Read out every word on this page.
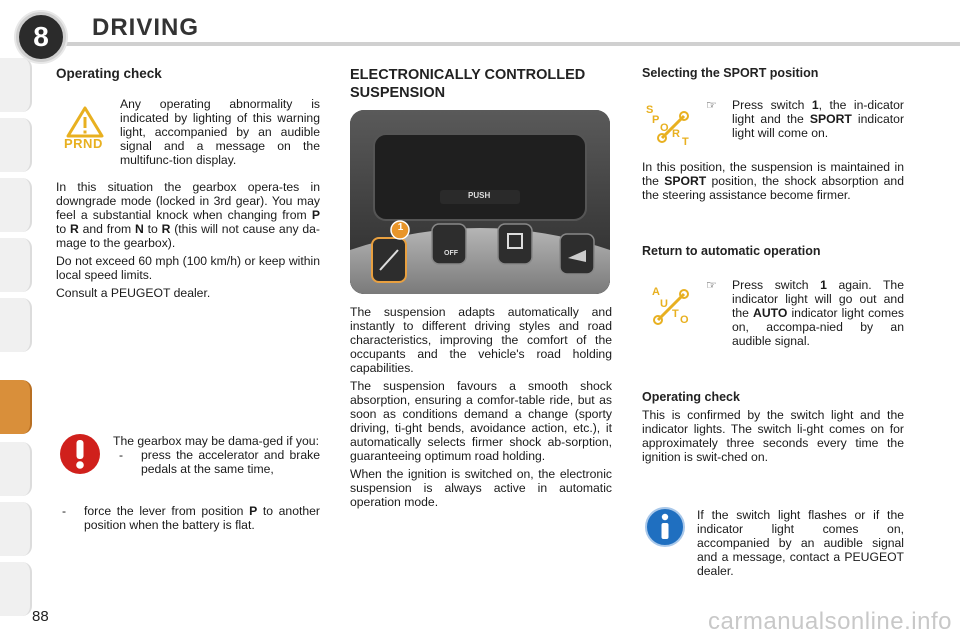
8	DRIVING
Operating check
PRND

Any operating abnormality is indicated by lighting of this warning light, accompanied by an audible signal and a message on the multifunc-tion display.

In this situation the gearbox opera-tes in downgrade mode (locked in 3rd gear). You may feel a substantial knock when changing from P to R and from N to R (this will not cause any da-mage to the gearbox).

Do not exceed 60 mph (100 km/h) or keep within local speed limits.

Consult a PEUGEOT dealer.

The gearbox may be dama-ged if you:

- press the accelerator and brake pedals at the same time,
- force the lever from position P to another position when the battery is flat.
ELECTRONICALLY CONTROLLED SUSPENSION
PUSH
1
OFF

The suspension adapts automatically and instantly to different driving styles and road characteristics, improving the comfort of the occupants and the vehicle's road holding capabilities.

The suspension favours a smooth shock absorption, ensuring a comfor-table ride, but as soon as conditions demand a change (sporty driving, ti-ght bends, avoidance action, etc.), it automatically selects firmer shock ab-sorption, guaranteeing optimum road holding.

When the ignition is switched on, the electronic suspension is always active in automatic operation mode.

Selecting the SPORT position
S
P
O R
T

☞ Press switch 1, the in-dicator light and the SPORT indicator light will come on.

In this position, the suspension is maintained in the SPORT position, the shock absorption and the steering assistance become firmer.

Return to automatic operation
A
U
T O

☞ Press switch 1 again. The indicator light will go out and the AUTO indicator light comes on, accompa-nied by an audible signal.

Operating check

This is confirmed by the switch light and the indicator lights. The switch li-ght comes on for approximately three seconds every time the ignition is swit-ched on.

If the switch light flashes or if the indicator light comes on, accompanied by an audible signal and a message, contact a PEUGEOT dealer.

88	carmanualsonline.info
